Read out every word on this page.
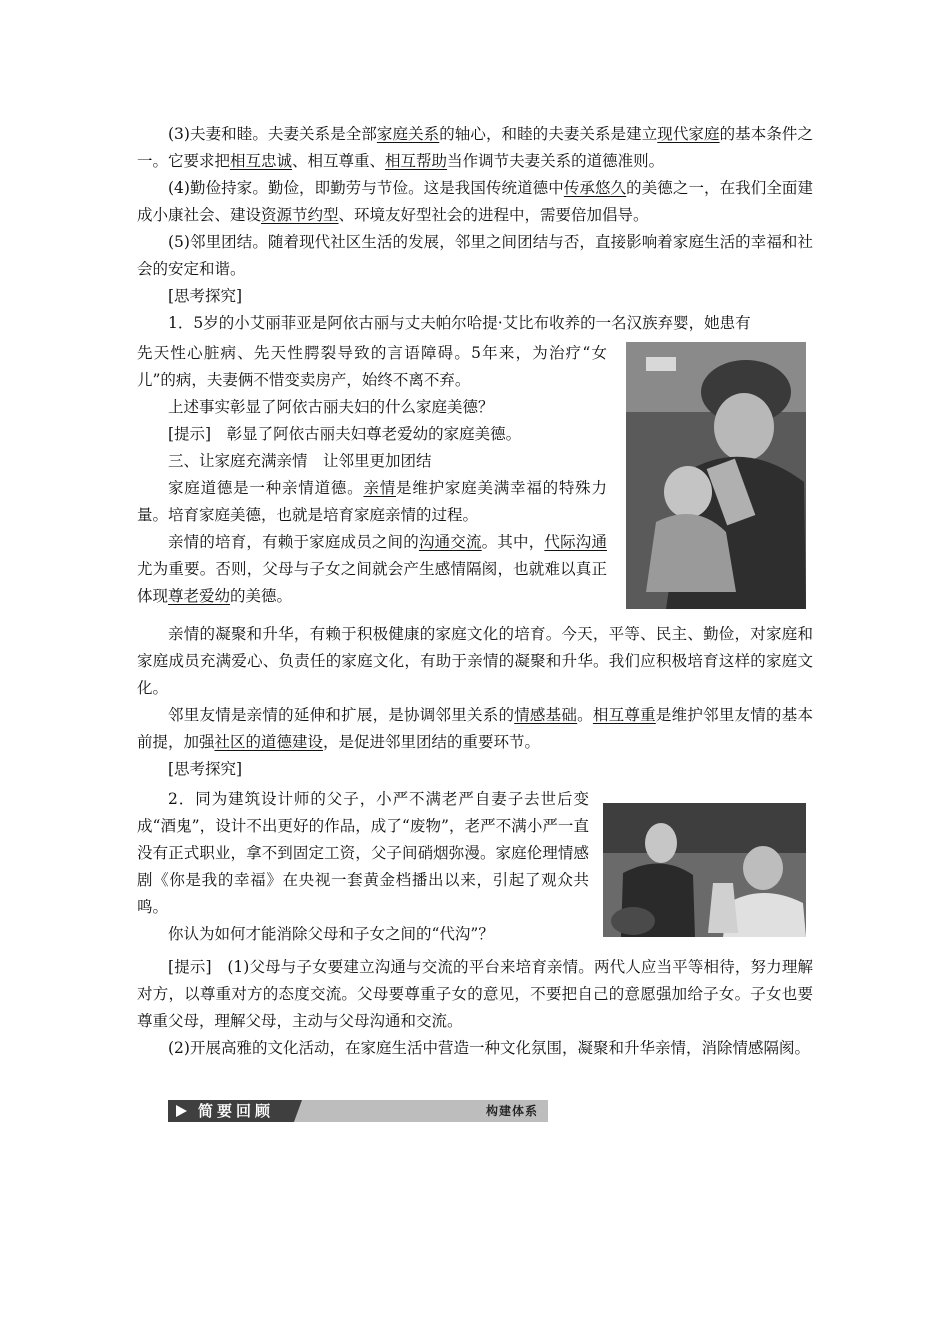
(3)夫妻和睦。夫妻关系是全部家庭关系的轴心，和睦的夫妻关系是建立现代家庭的基本条件之一。它要求把相互忠诚、相互尊重、相互帮助当作调节夫妻关系的道德准则。

(4)勤俭持家。勤俭，即勤劳与节俭。这是我国传统道德中传承悠久的美德之一，在我们全面建成小康社会、建设资源节约型、环境友好型社会的进程中，需要倍加倡导。

(5)邻里团结。随着现代社区生活的发展，邻里之间团结与否，直接影响着家庭生活的幸福和社会的安定和谐。

[思考探究]

1．5岁的小艾丽菲亚是阿依古丽与丈夫帕尔哈提·艾比布收养的一名汉族弃婴，她患有

先天性心脏病、先天性腭裂导致的言语障碍。5年来，为治疗“女儿”的病，夫妻俩不惜变卖房产，始终不离不弃。

上述事实彰显了阿依古丽夫妇的什么家庭美德？

[提示]　彰显了阿依古丽夫妇尊老爱幼的家庭美德。

三、让家庭充满亲情　让邻里更加团结

家庭道德是一种亲情道德。亲情是维护家庭美满幸福的特殊力量。培育家庭美德，也就是培育家庭亲情的过程。

亲情的培育，有赖于家庭成员之间的沟通交流。其中，代际沟通尤为重要。否则，父母与子女之间就会产生感情隔阂，也就难以真正体现尊老爱幼的美德。

亲情的凝聚和升华，有赖于积极健康的家庭文化的培育。今天，平等、民主、勤俭，对家庭和家庭成员充满爱心、负责任的家庭文化，有助于亲情的凝聚和升华。我们应积极培育这样的家庭文化。

邻里友情是亲情的延伸和扩展，是协调邻里关系的情感基础。相互尊重是维护邻里友情的基本前提，加强社区的道德建设，是促进邻里团结的重要环节。

[思考探究]

2．同为建筑设计师的父子，小严不满老严自妻子去世后变成“酒鬼”，设计不出更好的作品，成了“废物”，老严不满小严一直没有正式职业，拿不到固定工资，父子间硝烟弥漫。家庭伦理情感剧《你是我的幸福》在央视一套黄金档播出以来，引起了观众共鸣。

你认为如何才能消除父母和子女之间的“代沟”？

[提示]　(1)父母与子女要建立沟通与交流的平台来培育亲情。两代人应当平等相待，努力理解对方，以尊重对方的态度交流。父母要尊重子女的意见，不要把自己的意愿强加给子女。子女也要尊重父母，理解父母，主动与父母沟通和交流。

(2)开展高雅的文化活动，在家庭生活中营造一种文化氛围，凝聚和升华亲情，消除情感隔阂。

简要回顾	构建体系
